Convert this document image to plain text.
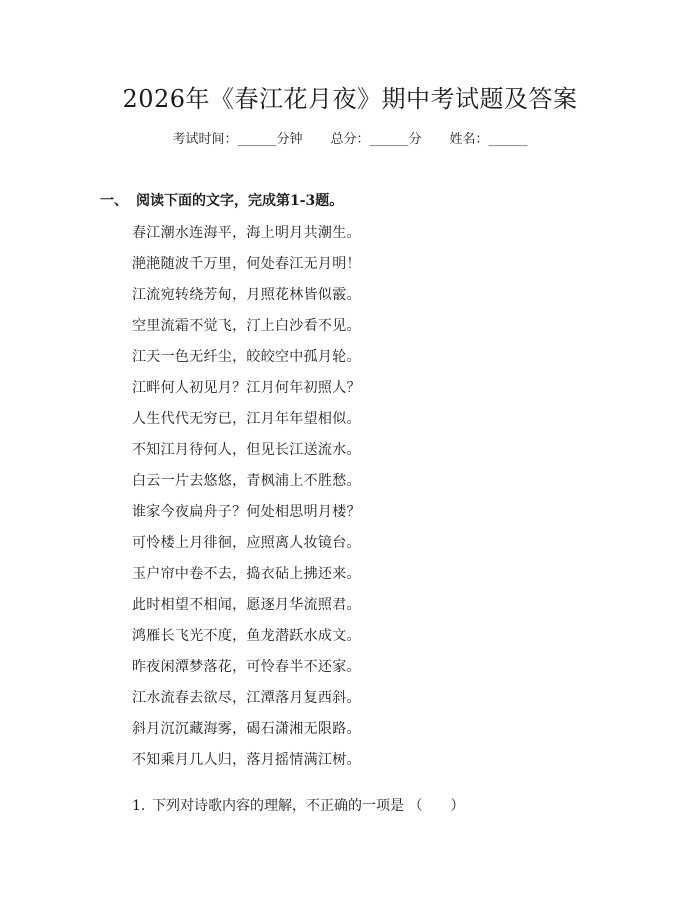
2026年《春江花月夜》期中考试题及答案
考试时间：______分钟 总分：______分 姓名：______
一、 阅读下面的文字，完成第1-3题。
春江潮水连海平，海上明月共潮生。
滟滟随波千万里，何处春江无月明！
江流宛转绕芳甸，月照花林皆似霰。
空里流霜不觉飞，汀上白沙看不见。
江天一色无纤尘，皎皎空中孤月轮。
江畔何人初见月？江月何年初照人？
人生代代无穷已，江月年年望相似。
不知江月待何人，但见长江送流水。
白云一片去悠悠，青枫浦上不胜愁。
谁家今夜扁舟子？何处相思明月楼？
可怜楼上月徘徊，应照离人妆镜台。
玉户帘中卷不去，捣衣砧上拂还来。
此时相望不相闻，愿逐月华流照君。
鸿雁长飞光不度，鱼龙潜跃水成文。
昨夜闲潭梦落花，可怜春半不还家。
江水流春去欲尽，江潭落月复西斜。
斜月沉沉藏海雾，碣石潇湘无限路。
不知乘月几人归，落月摇情满江树。
1. 下列对诗歌内容的理解，不正确的一项是 （　　）
